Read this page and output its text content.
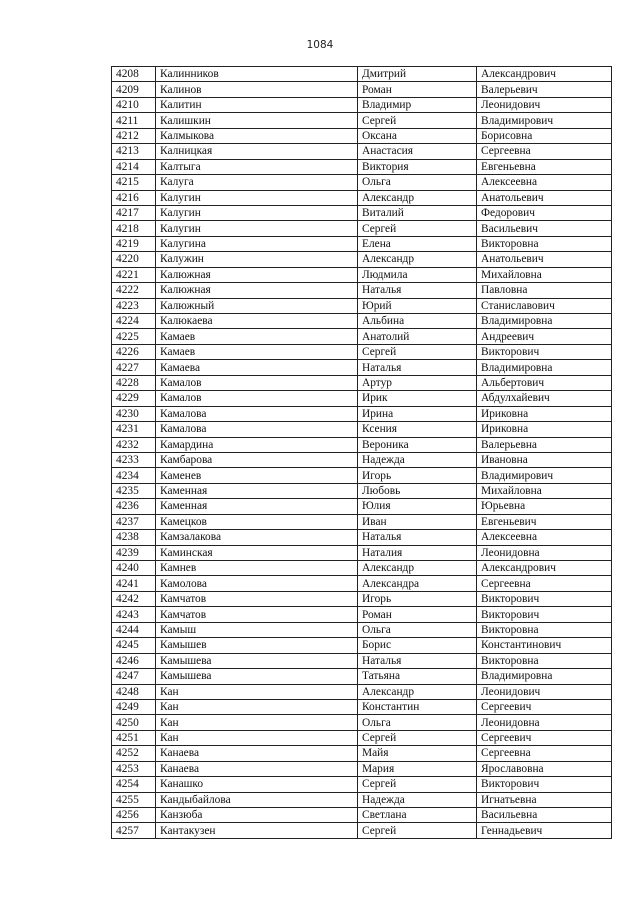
1084
4208	Калинников	Дмитрий	Александрович
4209	Калинов	Роман	Валерьевич
4210	Калитин	Владимир	Леонидович
4211	Калишкин	Сергей	Владимирович
4212	Калмыкова	Оксана	Борисовна
4213	Калницкая	Анастасия	Сергеевна
4214	Калтыга	Виктория	Евгеньевна
4215	Калуга	Ольга	Алексеевна
4216	Калугин	Александр	Анатольевич
4217	Калугин	Виталий	Федорович
4218	Калугин	Сергей	Васильевич
4219	Калугина	Елена	Викторовна
4220	Калужин	Александр	Анатольевич
4221	Калюжная	Людмила	Михайловна
4222	Калюжная	Наталья	Павловна
4223	Калюжный	Юрий	Станиславович
4224	Калюкаева	Альбина	Владимировна
4225	Камаев	Анатолий	Андреевич
4226	Камаев	Сергей	Викторович
4227	Камаева	Наталья	Владимировна
4228	Камалов	Артур	Альбертович
4229	Камалов	Ирик	Абдулхайевич
4230	Камалова	Ирина	Ириковна
4231	Камалова	Ксения	Ириковна
4232	Камардина	Вероника	Валерьевна
4233	Камбарова	Надежда	Ивановна
4234	Каменев	Игорь	Владимирович
4235	Каменная	Любовь	Михайловна
4236	Каменная	Юлия	Юрьевна
4237	Камецков	Иван	Евгеньевич
4238	Камзалакова	Наталья	Алексеевна
4239	Каминская	Наталия	Леонидовна
4240	Камнев	Александр	Александрович
4241	Камолова	Александра	Сергеевна
4242	Камчатов	Игорь	Викторович
4243	Камчатов	Роман	Викторович
4244	Камыш	Ольга	Викторовна
4245	Камышев	Борис	Константинович
4246	Камышева	Наталья	Викторовна
4247	Камышева	Татьяна	Владимировна
4248	Кан	Александр	Леонидович
4249	Кан	Константин	Сергеевич
4250	Кан	Ольга	Леонидовна
4251	Кан	Сергей	Сергеевич
4252	Канаева	Майя	Сергеевна
4253	Канаева	Мария	Ярославовна
4254	Канашко	Сергей	Викторович
4255	Кандыбайлова	Надежда	Игнатьевна
4256	Канзюба	Светлана	Васильевна
4257	Кантакузен	Сергей	Геннадьевич
